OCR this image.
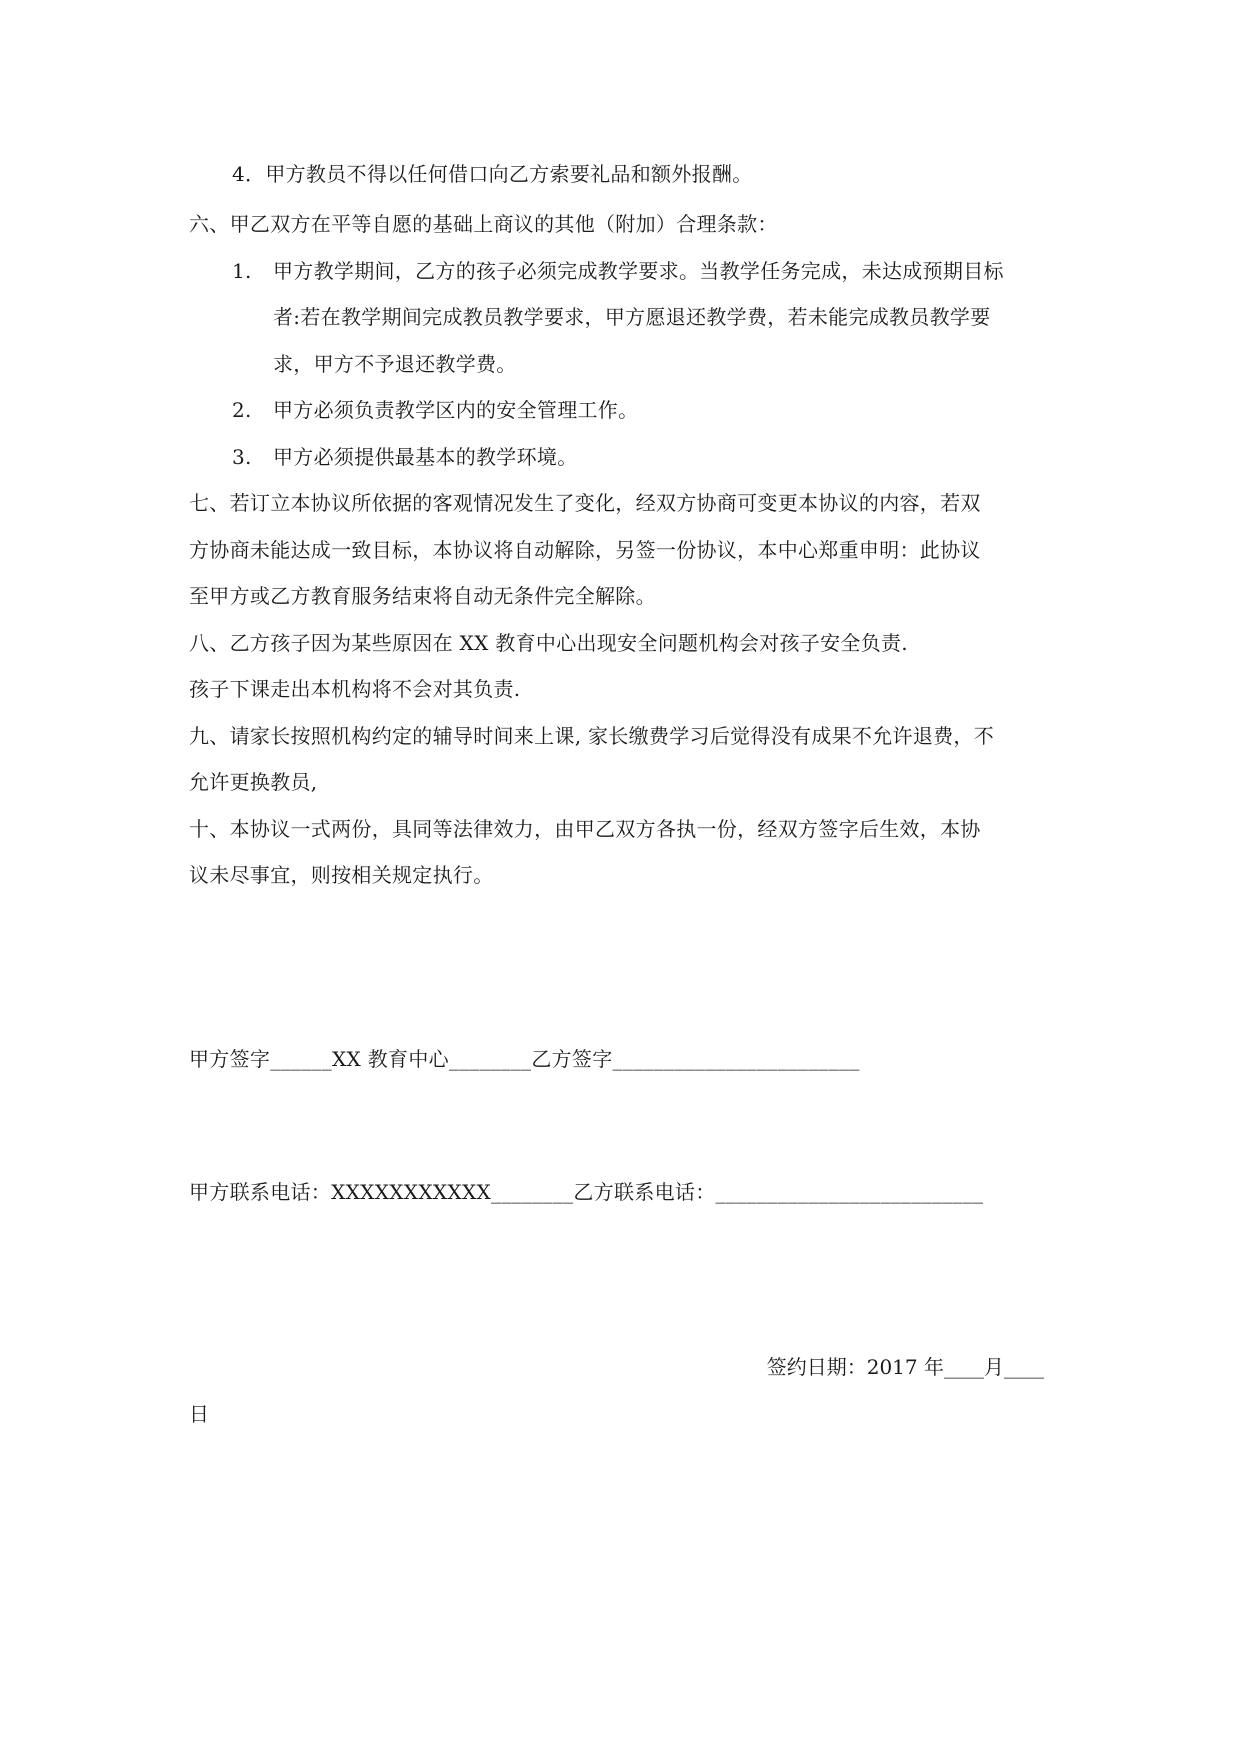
4．甲方教员不得以任何借口向乙方索要礼品和额外报酬。
六、甲乙双方在平等自愿的基础上商议的其他（附加）合理条款：
1. 甲方教学期间，乙方的孩子必须完成教学要求。当教学任务完成，未达成预期目标
者:若在教学期间完成教员教学要求，甲方愿退还教学费，若未能完成教员教学要
求，甲方不予退还教学费。
2. 甲方必须负责教学区内的安全管理工作。
3. 甲方必须提供最基本的教学环境。
七、若订立本协议所依据的客观情况发生了变化，经双方协商可变更本协议的内容，若双
方协商未能达成一致目标，本协议将自动解除，另签一份协议，本中心郑重申明：此协议
至甲方或乙方教育服务结束将自动无条件完全解除。
八、乙方孩子因为某些原因在 XX 教育中心出现安全问题机构会对孩子安全负责.
孩子下课走出本机构将不会对其负责.
九、请家长按照机构约定的辅导时间来上课, 家长缴费学习后觉得没有成果不允许退费，不
允许更换教员,
十、本协议一式两份，具同等法律效力，由甲乙双方各执一份，经双方签字后生效，本协
议未尽事宜，则按相关规定执行。
甲方签字______XX 教育中心________乙方签字________________________
甲方联系电话：XXXXXXXXXXX________乙方联系电话：__________________________
签约日期：2017 年____月____
日
